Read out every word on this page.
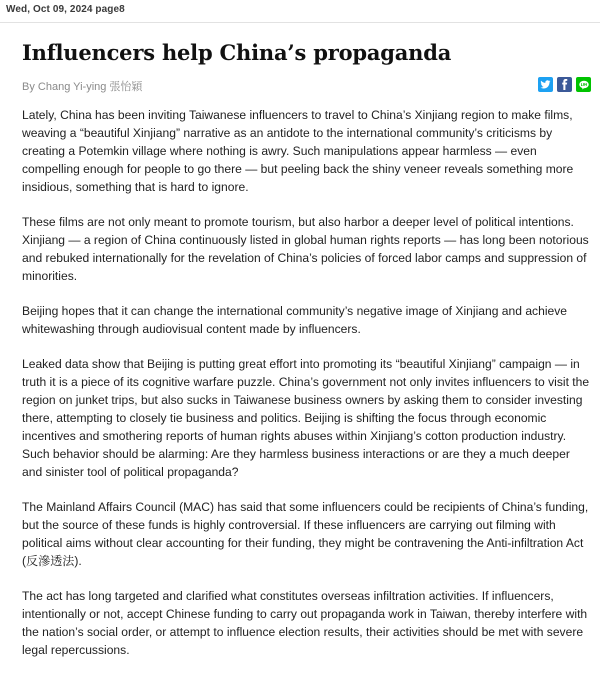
Wed, Oct 09, 2024 page8
Influencers help China’s propaganda
By Chang Yi-ying 張怡穎

Lately, China has been inviting Taiwanese influencers to travel to China’s Xinjiang region to make films, weaving a “beautiful Xinjiang” narrative as an antidote to the international community’s criticisms by creating a Potemkin village where nothing is awry. Such manipulations appear harmless — even compelling enough for people to go there — but peeling back the shiny veneer reveals something more insidious, something that is hard to ignore.

These films are not only meant to promote tourism, but also harbor a deeper level of political intentions. Xinjiang — a region of China continuously listed in global human rights reports — has long been notorious and rebuked internationally for the revelation of China’s policies of forced labor camps and suppression of minorities.

Beijing hopes that it can change the international community’s negative image of Xinjiang and achieve whitewashing through audiovisual content made by influencers.

Leaked data show that Beijing is putting great effort into promoting its “beautiful Xinjiang” campaign — in truth it is a piece of its cognitive warfare puzzle. China’s government not only invites influencers to visit the region on junket trips, but also sucks in Taiwanese business owners by asking them to consider investing there, attempting to closely tie business and politics. Beijing is shifting the focus through economic incentives and smothering reports of human rights abuses within Xinjiang’s cotton production industry. Such behavior should be alarming: Are they harmless business interactions or are they a much deeper and sinister tool of political propaganda?

The Mainland Affairs Council (MAC) has said that some influencers could be recipients of China’s funding, but the source of these funds is highly controversial. If these influencers are carrying out filming with political aims without clear accounting for their funding, they might be contravening the Anti-infiltration Act (反滲透法).

The act has long targeted and clarified what constitutes overseas infiltration activities. If influencers, intentionally or not, accept Chinese funding to carry out propaganda work in Taiwan, thereby interfere with the nation’s social order, or attempt to influence election results, their activities should be met with severe legal repercussions.
